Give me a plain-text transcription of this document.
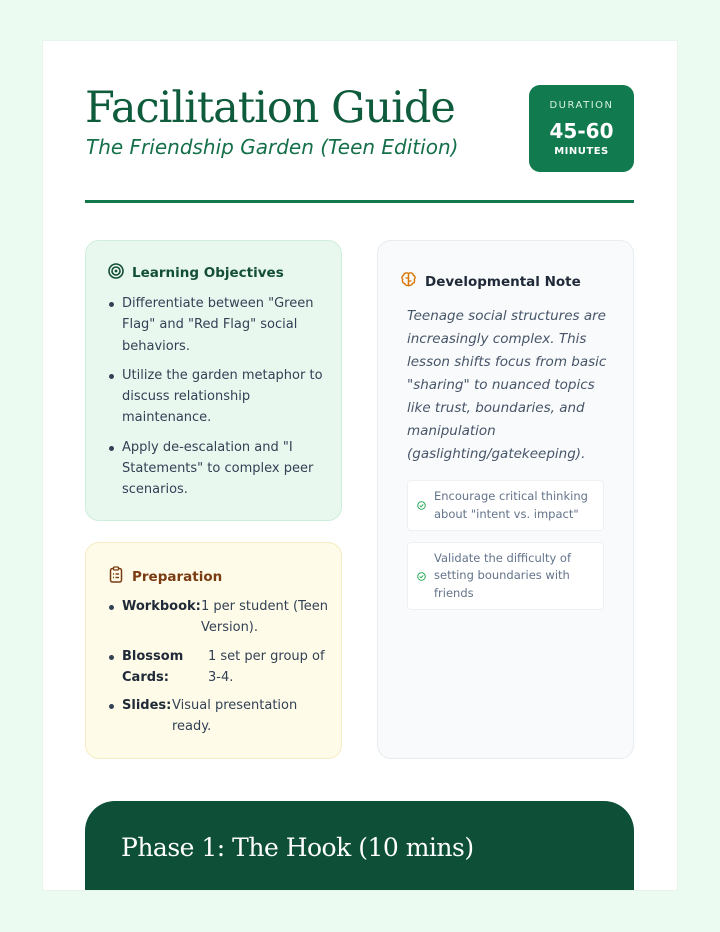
Facilitation Guide
The Friendship Garden (Teen Edition)
DURATION
45-60
MINUTES
Learning Objectives
Differentiate between "Green Flag" and "Red Flag" social behaviors.
Utilize the garden metaphor to discuss relationship maintenance.
Apply de-escalation and "I Statements" to complex peer scenarios.
Preparation
Workbook: 1 per student (Teen Version).
Blossom Cards:
1 set per group of 3-4.
Slides: Visual presentation ready.
Developmental Note

Teenage social structures are increasingly complex. This lesson shifts focus from basic "sharing" to nuanced topics like trust, boundaries, and manipulation (gaslighting/gatekeeping).

Encourage critical thinking about "intent vs. impact"
Validate the difficulty of setting boundaries with friends
Phase 1: The Hook (10 mins)
